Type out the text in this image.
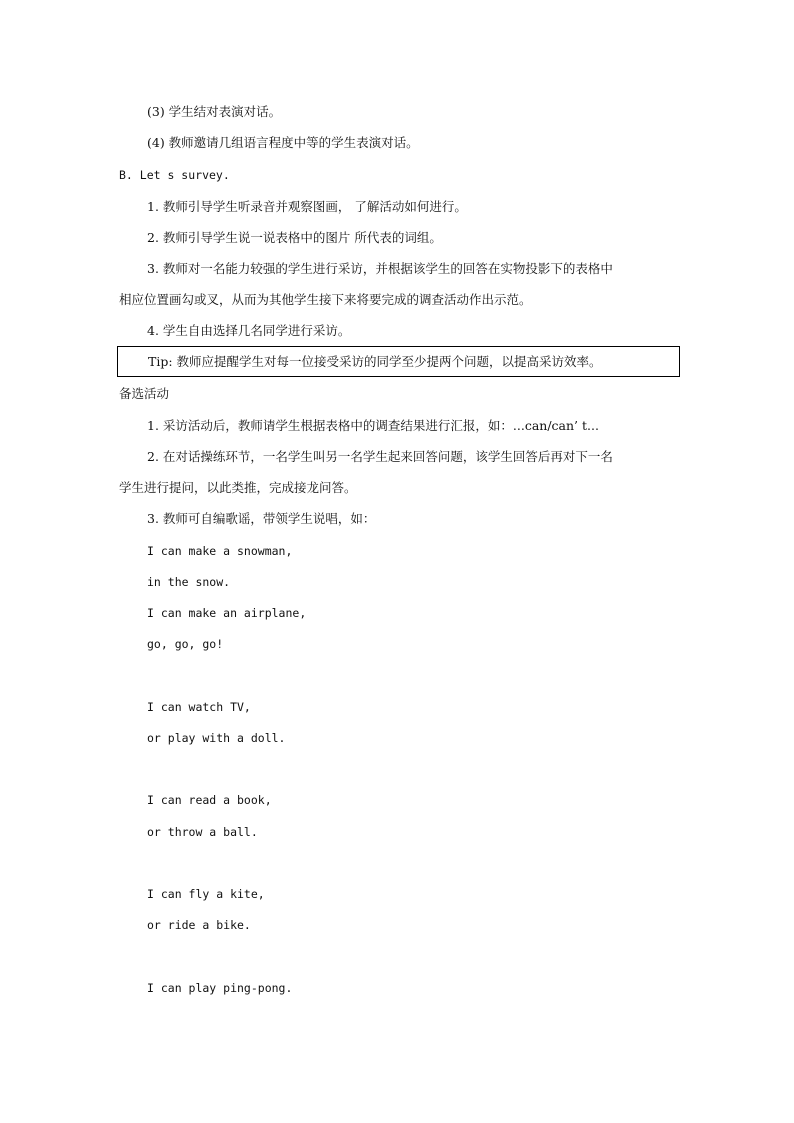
(3) 学生结对表演对话。
(4) 教师邀请几组语言程度中等的学生表演对话。
B. Let s survey.
1. 教师引导学生听录音并观察图画， 了解活动如何进行。
2. 教师引导学生说一说表格中的图片 所代表的词组。
3. 教师对一名能力较强的学生进行采访，并根据该学生的回答在实物投影下的表格中
相应位置画勾或叉，从而为其他学生接下来将要完成的调查活动作出示范。
4. 学生自由选择几名同学进行采访。
Tip: 教师应提醒学生对每一位接受采访的同学至少提两个问题，以提高采访效率。
备选活动
1. 采访活动后，教师请学生根据表格中的调查结果进行汇报，如：...can/can’ t...
2. 在对话操练环节，一名学生叫另一名学生起来回答问题，该学生回答后再对下一名
学生进行提问，以此类推，完成接龙问答。
3. 教师可自编歌谣，带领学生说唱，如：
I can make a snowman,
in the snow.
I can make an airplane,
go, go, go!
I can watch TV,
or play with a doll.
I can read a book,
or throw a ball.
I can fly a kite,
or ride a bike.
I can play ping-pong.
